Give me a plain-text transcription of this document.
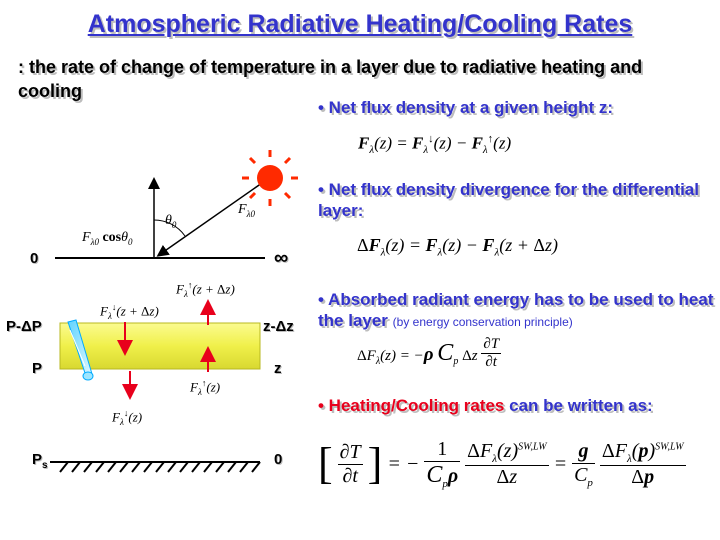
Atmospheric Radiative Heating/Cooling Rates
: the rate of change of temperature in a layer due to radiative heating and cooling
• Net flux density at a given height z:
$F_\lambda(z) = F_\lambda^↓(z) - F_\lambda^↑(z)$
• Net flux density divergence for the differential layer:
$\Delta F_\lambda(z) = F_\lambda(z) - F_\lambda(z + \Delta z)$
• Absorbed radiant energy has to be used to heat the layer (by energy conservation principle)
$\Delta F_\lambda(z) = -\rho$ $C_p$ Δz $\frac{\partial T}{\partial t}$
• Heating/Cooling rates can be written as:
[ $\frac{\partial T}{\partial t}$ ] = −
1
$C_p\rho$

$\Delta F_\lambda(z)^{SW,LW}$
Δz
= $\frac{g}{C_p}$
$\Delta F_\lambda(p)^{SW,LW}$
Δp
0
P-ΔP
P
$P_s$
∞
z-Δz
z
0
$F_{\lambda 0}$ cosθ$_0$
$\theta_0$
$F_{\lambda 0}$
$F_\lambda^↑(z + \Delta z)$
$F_\lambda^↓(z + \Delta z)$
$F_\lambda^↑(z)$
$F_\lambda^↓(z)$
